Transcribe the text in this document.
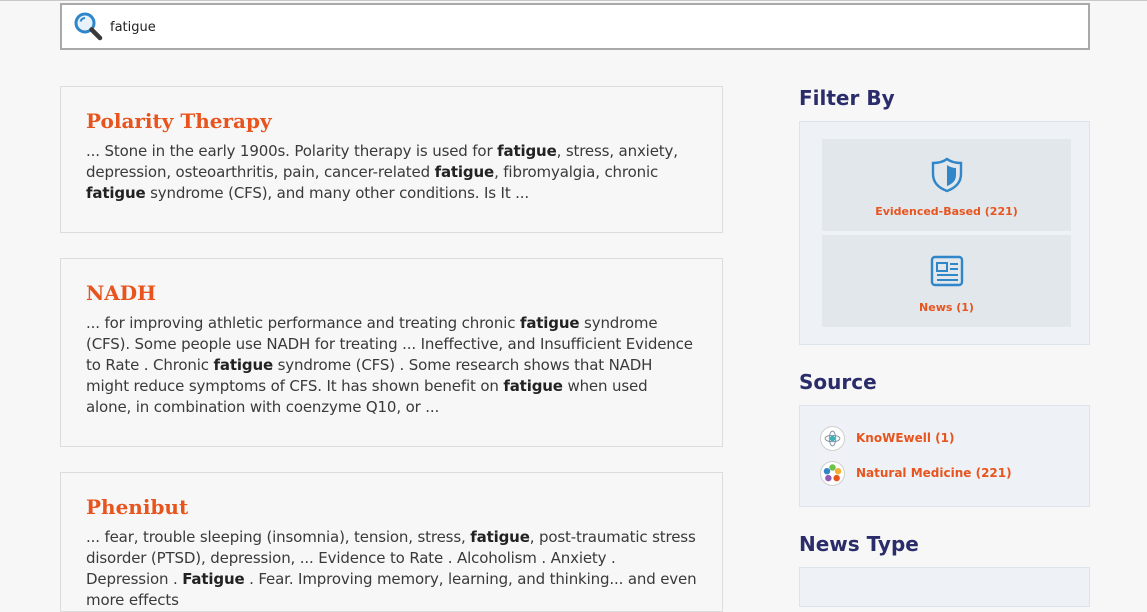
fatigue
Polarity Therapy
... Stone in the early 1900s. Polarity therapy is used for fatigue, stress, anxiety, depression, osteoarthritis, pain, cancer-related fatigue, fibromyalgia, chronic fatigue syndrome (CFS), and many other conditions. Is It ...
NADH
... for improving athletic performance and treating chronic fatigue syndrome (CFS). Some people use NADH for treating ... Ineffective, and Insufficient Evidence to Rate . Chronic fatigue syndrome (CFS) . Some research shows that NADH might reduce symptoms of CFS. It has shown benefit on fatigue when used alone, in combination with coenzyme Q10, or ...
Phenibut
... fear, trouble sleeping (insomnia), tension, stress, fatigue, post-traumatic stress disorder (PTSD), depression, ... Evidence to Rate . Alcoholism . Anxiety . Depression . Fatigue . Fear. Improving memory, learning, and thinking... and even more effects
Filter By
Evidenced-Based (221)
News (1)
Source
KnoWEwell (1)
Natural Medicine (221)
News Type
